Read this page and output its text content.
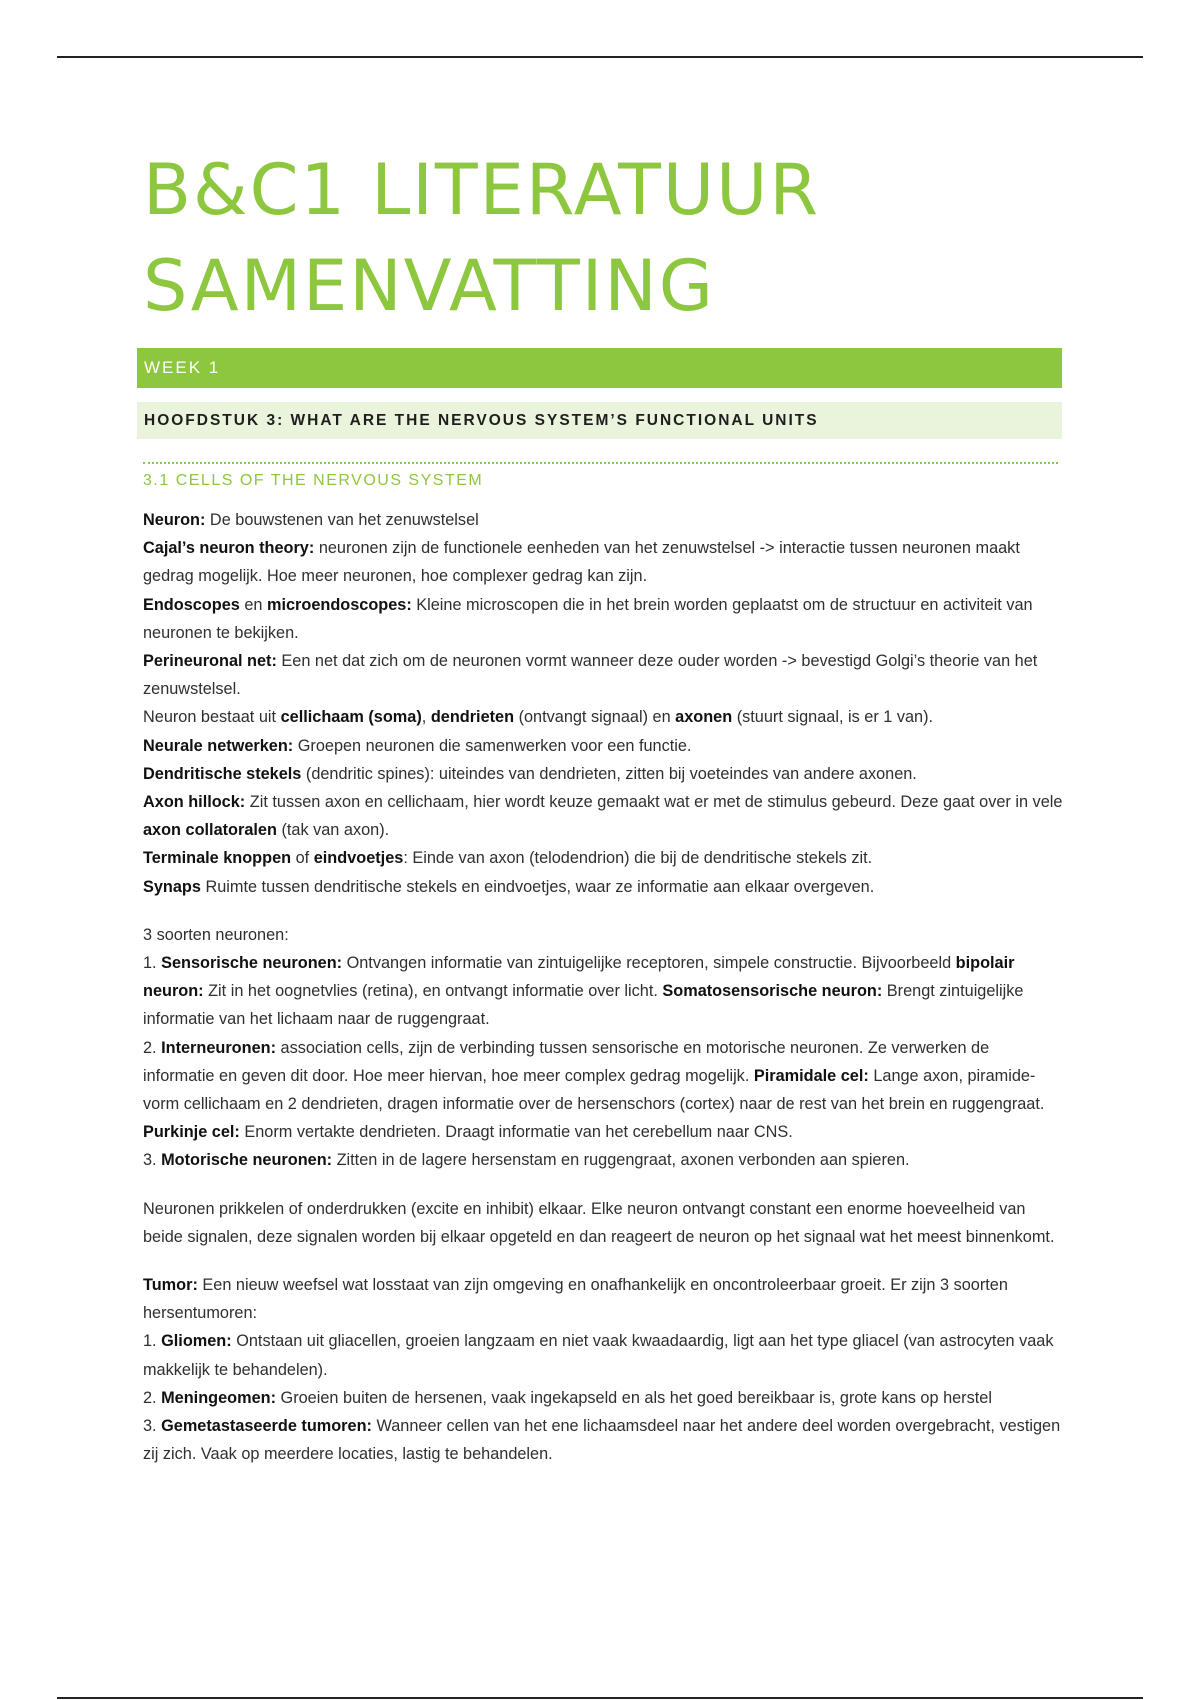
B&C1 LITERATUUR
SAMENVATTING
WEEK 1
HOOFDSTUK 3: WHAT ARE THE NERVOUS SYSTEM’S FUNCTIONAL UNITS
3.1 CELLS OF THE NERVOUS SYSTEM

Neuron: De bouwstenen van het zenuwstelsel

Cajal’s neuron theory: neuronen zijn de functionele eenheden van het zenuwstelsel -> interactie tussen neuronen maakt gedrag mogelijk. Hoe meer neuronen, hoe complexer gedrag kan zijn.

Endoscopes en microendoscopes: Kleine microscopen die in het brein worden geplaatst om de structuur en activiteit van neuronen te bekijken.

Perineuronal net: Een net dat zich om de neuronen vormt wanneer deze ouder worden -> bevestigd Golgi’s theorie van het zenuwstelsel.

Neuron bestaat uit cellichaam (soma), dendrieten (ontvangt signaal) en axonen (stuurt signaal, is er 1 van).

Neurale netwerken: Groepen neuronen die samenwerken voor een functie.

Dendritische stekels (dendritic spines): uiteindes van dendrieten, zitten bij voeteindes van andere axonen.

Axon hillock: Zit tussen axon en cellichaam, hier wordt keuze gemaakt wat er met de stimulus gebeurd. Deze gaat over in vele axon collatoralen (tak van axon).

Terminale knoppen of eindvoetjes: Einde van axon (telodendrion) die bij de dendritische stekels zit.

Synaps Ruimte tussen dendritische stekels en eindvoetjes, waar ze informatie aan elkaar overgeven.

3 soorten neuronen:

1. Sensorische neuronen: Ontvangen informatie van zintuigelijke receptoren, simpele constructie. Bijvoorbeeld bipolair neuron: Zit in het oognetvlies (retina), en ontvangt informatie over licht. Somatosensorische neuron: Brengt zintuigelijke informatie van het lichaam naar de ruggengraat.

2. Interneuronen: association cells, zijn de verbinding tussen sensorische en motorische neuronen. Ze verwerken de informatie en geven dit door. Hoe meer hiervan, hoe meer complex gedrag mogelijk. Piramidale cel: Lange axon, piramide-vorm cellichaam en 2 dendrieten, dragen informatie over de hersenschors (cortex) naar de rest van het brein en ruggengraat. Purkinje cel: Enorm vertakte dendrieten. Draagt informatie van het cerebellum naar CNS.

3. Motorische neuronen: Zitten in de lagere hersenstam en ruggengraat, axonen verbonden aan spieren.

Neuronen prikkelen of onderdrukken (excite en inhibit) elkaar. Elke neuron ontvangt constant een enorme hoeveelheid van beide signalen, deze signalen worden bij elkaar opgeteld en dan reageert de neuron op het signaal wat het meest binnenkomt.

Tumor: Een nieuw weefsel wat losstaat van zijn omgeving en onafhankelijk en oncontroleerbaar groeit. Er zijn 3 soorten hersentumoren:

1. Gliomen: Ontstaan uit gliacellen, groeien langzaam en niet vaak kwaadaardig, ligt aan het type gliacel (van astrocyten vaak makkelijk te behandelen).

2. Meningeomen: Groeien buiten de hersenen, vaak ingekapseld en als het goed bereikbaar is, grote kans op herstel

3. Gemetastaseerde tumoren: Wanneer cellen van het ene lichaamsdeel naar het andere deel worden overgebracht, vestigen zij zich. Vaak op meerdere locaties, lastig te behandelen.
